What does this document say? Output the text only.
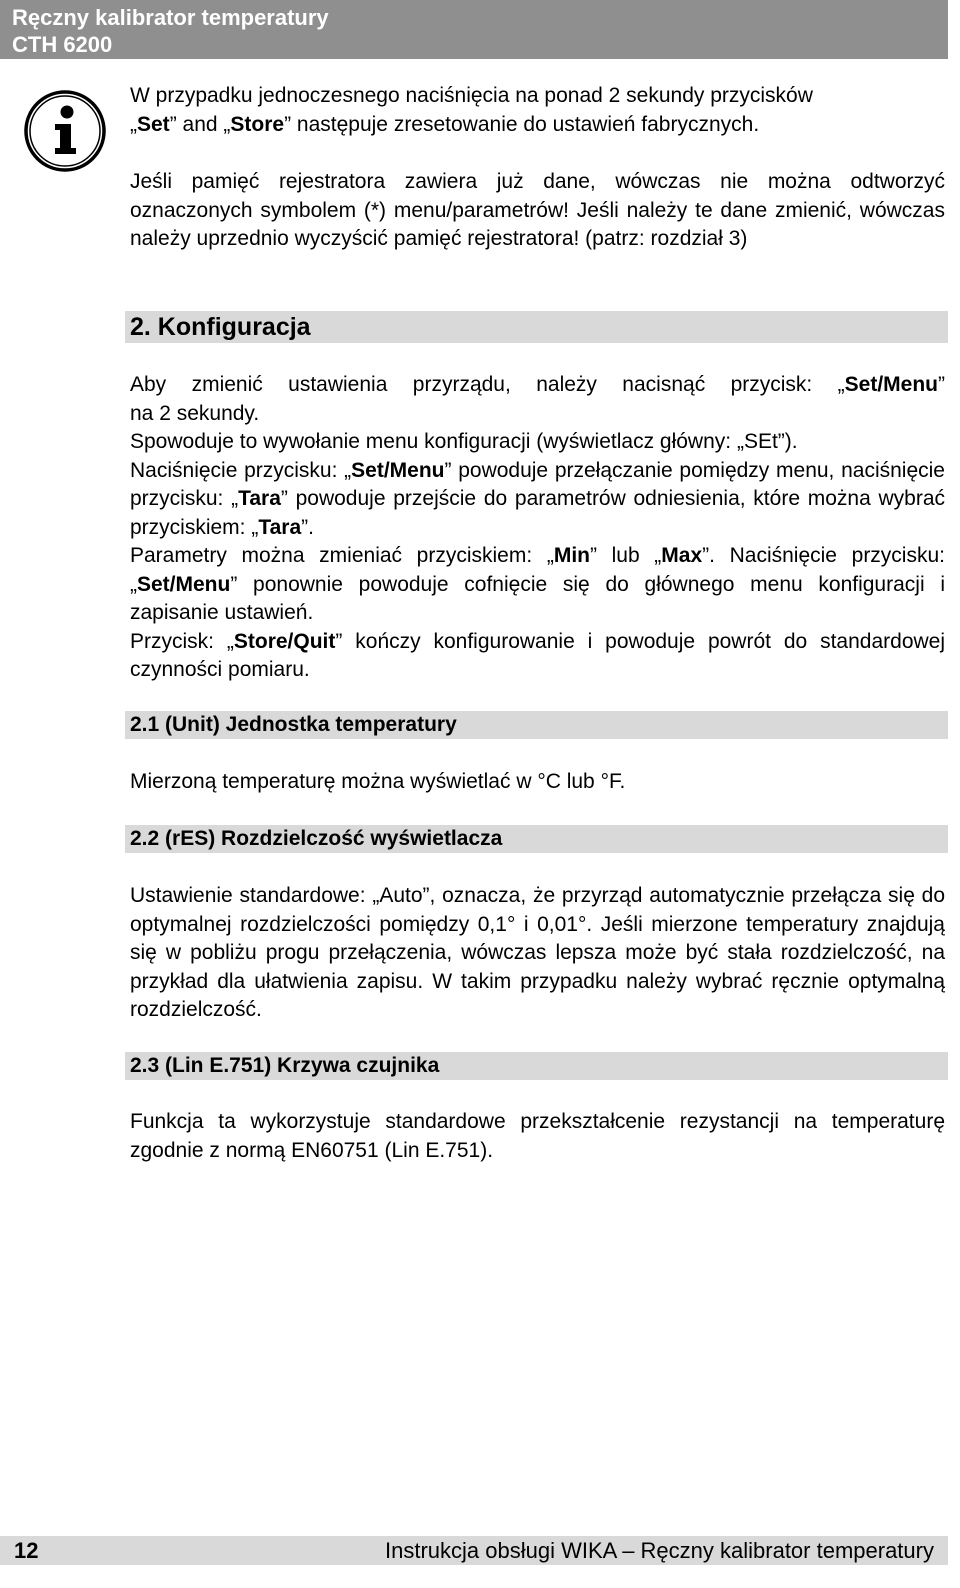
Ręczny kalibrator temperatury
CTH 6200

W przypadku jednoczesnego naciśnięcia na ponad 2 sekundy przycisków
„Set” and „Store” następuje zresetowanie do ustawień fabrycznych.

Jeśli pamięć rejestratora zawiera już dane, wówczas nie można odtworzyć oznaczonych symbolem (*) menu/parametrów! Jeśli należy te dane zmienić, wówczas należy uprzednio wyczyścić pamięć rejestratora! (patrz: rozdział 3)

2. Konfiguracja

Aby zmienić ustawienia przyrządu, należy nacisnąć przycisk: „Set/Menu”

na 2 sekundy.

Spowoduje to wywołanie menu konfiguracji (wyświetlacz główny: „SEt”).

Naciśnięcie przycisku: „Set/Menu” powoduje przełączanie pomiędzy menu, naciśnięcie przycisku: „Tara” powoduje przejście do parametrów odniesienia, które można wybrać przyciskiem: „Tara”.

Parametry można zmieniać przyciskiem: „Min” lub „Max”. Naciśnięcie przycisku: „Set/Menu” ponownie powoduje cofnięcie się do głównego menu konfiguracji i zapisanie ustawień.

Przycisk: „Store/Quit” kończy konfigurowanie i powoduje powrót do standardowej czynności pomiaru.

2.1 (Unit) Jednostka temperatury

Mierzoną temperaturę można wyświetlać w °C lub °F.

2.2 (rES) Rozdzielczość wyświetlacza

Ustawienie standardowe: „Auto”, oznacza, że przyrząd automatycznie przełącza się do optymalnej rozdzielczości pomiędzy 0,1° i 0,01°. Jeśli mierzone temperatury znajdują się w pobliżu progu przełączenia, wówczas lepsza może być stała rozdzielczość, na przykład dla ułatwienia zapisu. W takim przypadku należy wybrać ręcznie optymalną rozdzielczość.

2.3 (Lin E.751) Krzywa czujnika

Funkcja ta wykorzystuje standardowe przekształcenie rezystancji na temperaturę zgodnie z normą EN60751 (Lin E.751).

12	Instrukcja obsługi WIKA – Ręczny kalibrator temperatury
